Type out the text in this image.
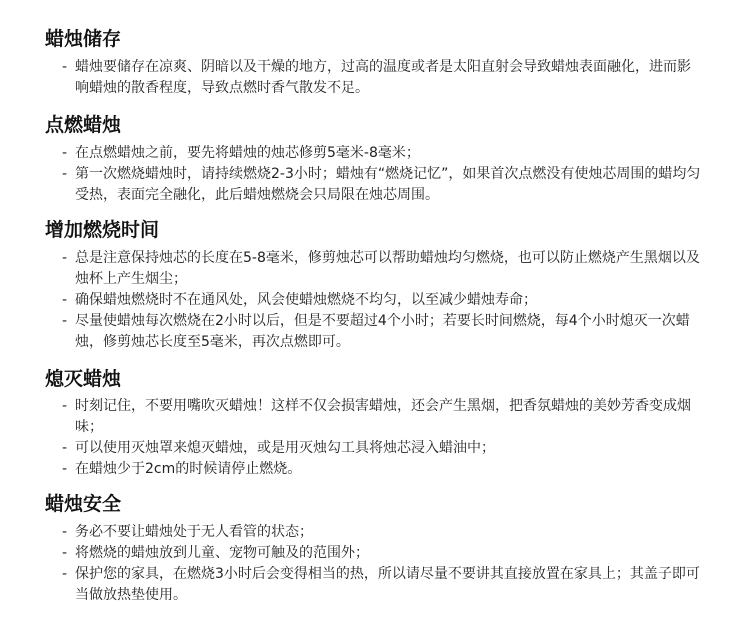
蜡烛储存
- 蜡烛要储存在凉爽、阴暗以及干燥的地方，过高的温度或者是太阳直射会导致蜡烛表面融化，进而影响蜡烛的散香程度，导致点燃时香气散发不足。
点燃蜡烛
- 在点燃蜡烛之前，要先将蜡烛的烛芯修剪5毫米-8毫米；
- 第一次燃烧蜡烛时，请持续燃烧2-3小时；蜡烛有“燃烧记忆”，如果首次点燃没有使烛芯周围的蜡均匀受热，表面完全融化，此后蜡烛燃烧会只局限在烛芯周围。
增加燃烧时间
- 总是注意保持烛芯的长度在5-8毫米，修剪烛芯可以帮助蜡烛均匀燃烧，也可以防止燃烧产生黑烟以及烛杯上产生烟尘；
- 确保蜡烛燃烧时不在通风处，风会使蜡烛燃烧不均匀，以至减少蜡烛寿命；
- 尽量使蜡烛每次燃烧在2小时以后，但是不要超过4个小时；若要长时间燃烧，每4个小时熄灭一次蜡烛，修剪烛芯长度至5毫米，再次点燃即可。
熄灭蜡烛
- 时刻记住，不要用嘴吹灭蜡烛！这样不仅会损害蜡烛，还会产生黑烟，把香氛蜡烛的美妙芳香变成烟味；
- 可以使用灭烛罩来熄灭蜡烛，或是用灭烛勾工具将烛芯浸入蜡油中；
- 在蜡烛少于2cm的时候请停止燃烧。
蜡烛安全
- 务必不要让蜡烛处于无人看管的状态；
- 将燃烧的蜡烛放到儿童、宠物可触及的范围外；
- 保护您的家具，在燃烧3小时后会变得相当的热，所以请尽量不要讲其直接放置在家具上；其盖子即可当做放热垫使用。
